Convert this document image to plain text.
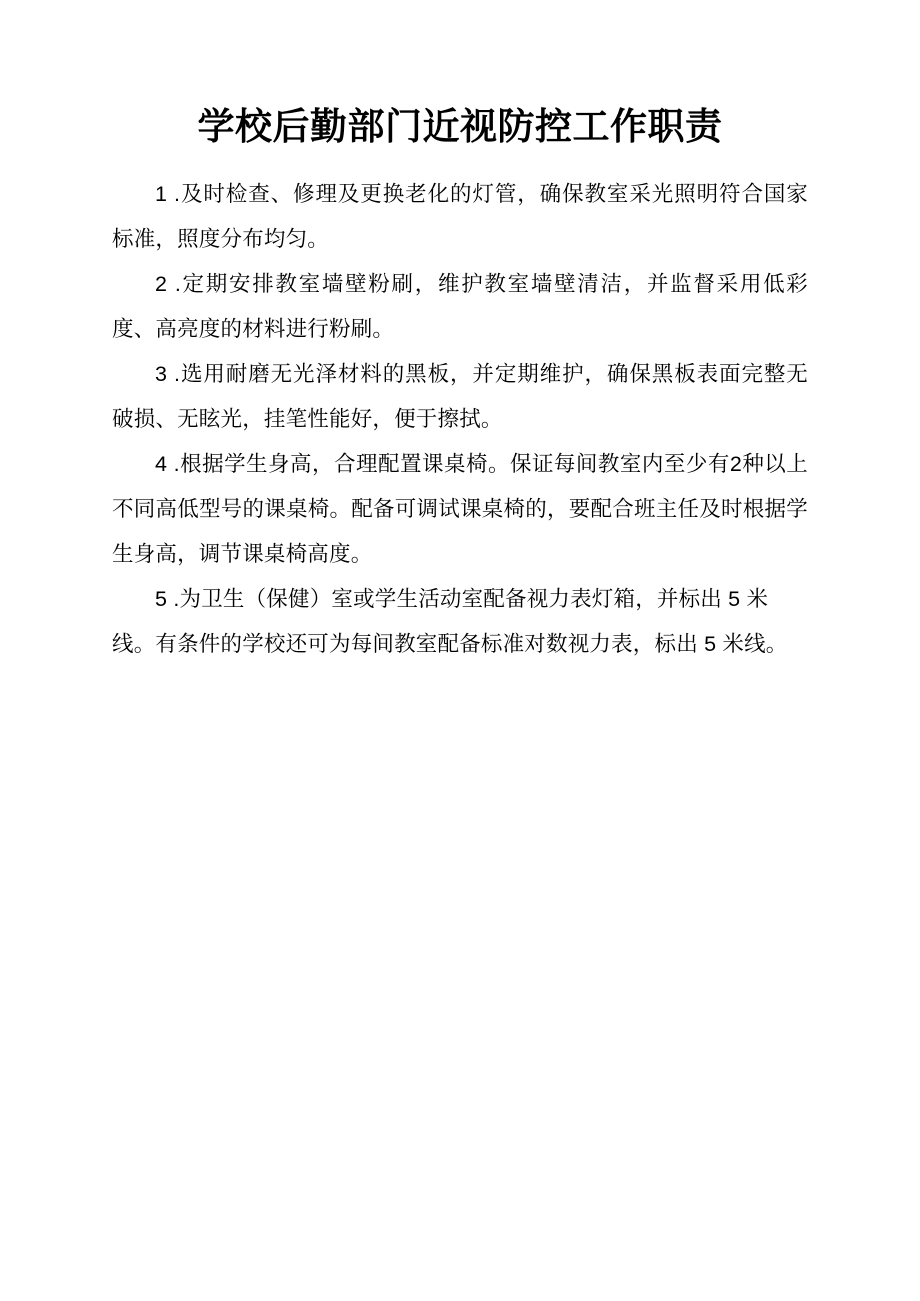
学校后勤部门近视防控工作职责

1 .及时检查、修理及更换老化的灯管，确保教室采光照明符合国家标准，照度分布均匀。

2 .定期安排教室墙壁粉刷，维护教室墙壁清洁，并监督采用低彩度、高亮度的材料进行粉刷。

3 .选用耐磨无光泽材料的黑板，并定期维护，确保黑板表面完整无破损、无眩光，挂笔性能好，便于擦拭。

4 .根据学生身高，合理配置课桌椅。保证每间教室内至少有2种以上不同高低型号的课桌椅。配备可调试课桌椅的，要配合班主任及时根据学生身高，调节课桌椅高度。

5 .为卫生（保健）室或学生活动室配备视力表灯箱，并标出 5 米

线。有条件的学校还可为每间教室配备标准对数视力表，标出 5 米线。
